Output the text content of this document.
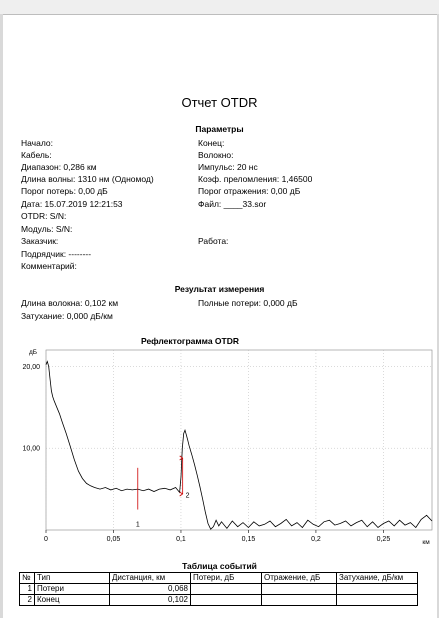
Отчет OTDR
Параметры
Начало:	Конец:
Кабель:	Волокно:
Диапазон: 0,286 км	Импульс: 20 нс
Длина волны: 1310 нм (Одномод)	Коэф. преломления: 1,46500
Порог потерь: 0,00 дБ	Порог отражения: 0,00 дБ
Дата: 15.07.2019 12:21:53	Файл: ____33.sor
OTDR: S/N:
Модуль: S/N:
Заказчик:	Работа:
Подрядчик: --------
Комментарий:
Результат измерения
Длина волокна: 0,102 км	Полные потери: 0,000 дБ
Затухание: 0,000 дБ/км
Рефлектограмма OTDR
0	0,05	0,1	0,15	0,2	0,25
10,00
20,00
дБ
км
1
2
Таблица событий
№	Тип	Дистанция, км	Потери, дБ	Отражение, дБ	Затухание, дБ/км
1	Потери	0,068			
2	Конец	0,102			
